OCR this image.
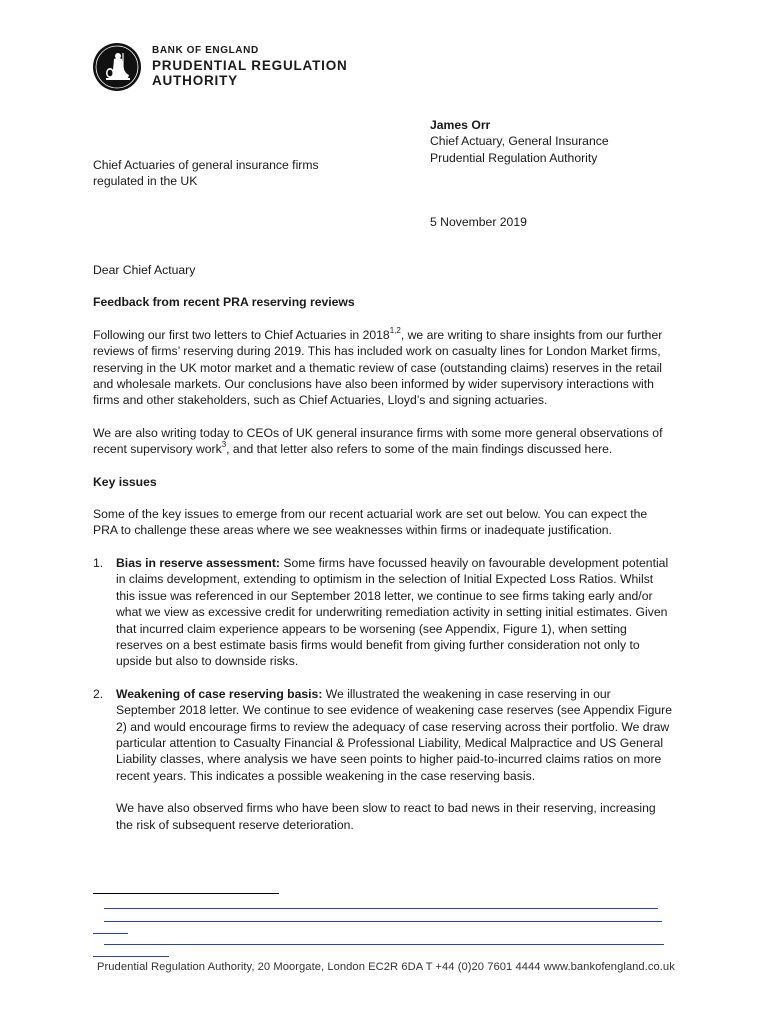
BANK OF ENGLAND
PRUDENTIAL REGULATION
AUTHORITY
James Orr
Chief Actuary, General Insurance
Prudential Regulation Authority
Chief Actuaries of general insurance firms
regulated in the UK
5 November 2019

Dear Chief Actuary

Feedback from recent PRA reserving reviews

Following our first two letters to Chief Actuaries in 2018$^{1,2}$, we are writing to share insights from our further reviews of firms’ reserving during 2019. This has included work on casualty lines for London Market firms, reserving in the UK motor market and a thematic review of case (outstanding claims) reserves in the retail and wholesale markets. Our conclusions have also been informed by wider supervisory interactions with firms and other stakeholders, such as Chief Actuaries, Lloyd’s and signing actuaries.

We are also writing today to CEOs of UK general insurance firms with some more general observations of recent supervisory work$^3$, and that letter also refers to some of the main findings discussed here.

Key issues

Some of the key issues to emerge from our recent actuarial work are set out below. You can expect the PRA to challenge these areas where we see weaknesses within firms or inadequate justification.

1.	Bias in reserve assessment: Some firms have focussed heavily on favourable development potential in claims development, extending to optimism in the selection of Initial Expected Loss Ratios. Whilst this issue was referenced in our September 2018 letter, we continue to see firms taking early and/or what we view as excessive credit for underwriting remediation activity in setting initial estimates. Given that incurred claim experience appears to be worsening (see Appendix, Figure 1), when setting reserves on a best estimate basis firms would benefit from giving further consideration not only to upside but also to downside risks.

2.	Weakening of case reserving basis: We illustrated the weakening in case reserving in our September 2018 letter. We continue to see evidence of weakening case reserves (see Appendix Figure 2) and would encourage firms to review the adequacy of case reserving across their portfolio. We draw particular attention to Casualty Financial & Professional Liability, Medical Malpractice and US General Liability classes, where analysis we have seen points to higher paid-to-incurred claims ratios on more recent years. This indicates a possible weakening in the case reserving basis.

We have also observed firms who have been slow to react to bad news in their reserving, increasing the risk of subsequent reserve deterioration.

Prudential Regulation Authority, 20 Moorgate, London EC2R 6DA T +44 (0)20 7601 4444 www.bankofengland.co.uk
